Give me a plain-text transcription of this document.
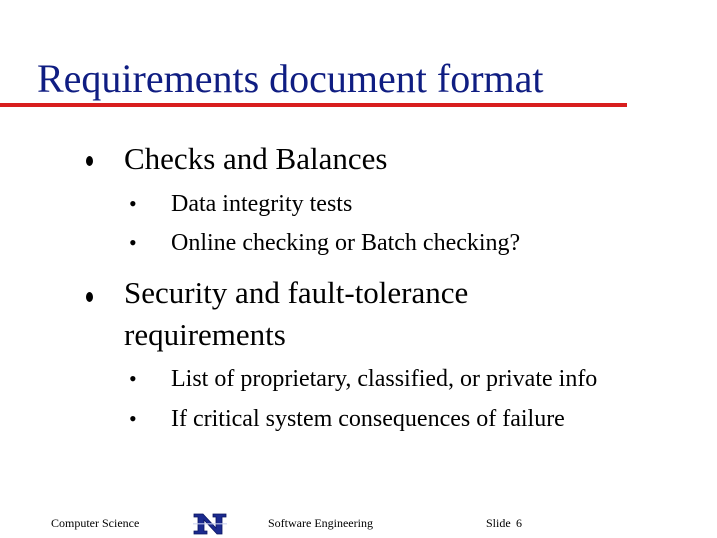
Requirements document format
Checks and Balances
• Data integrity tests
• Online checking or Batch checking?
Security and fault-tolerance
requirements
• List of proprietary, classified, or private info
• If critical system consequences of failure
Computer Science	Software Engineering	Slide 6
